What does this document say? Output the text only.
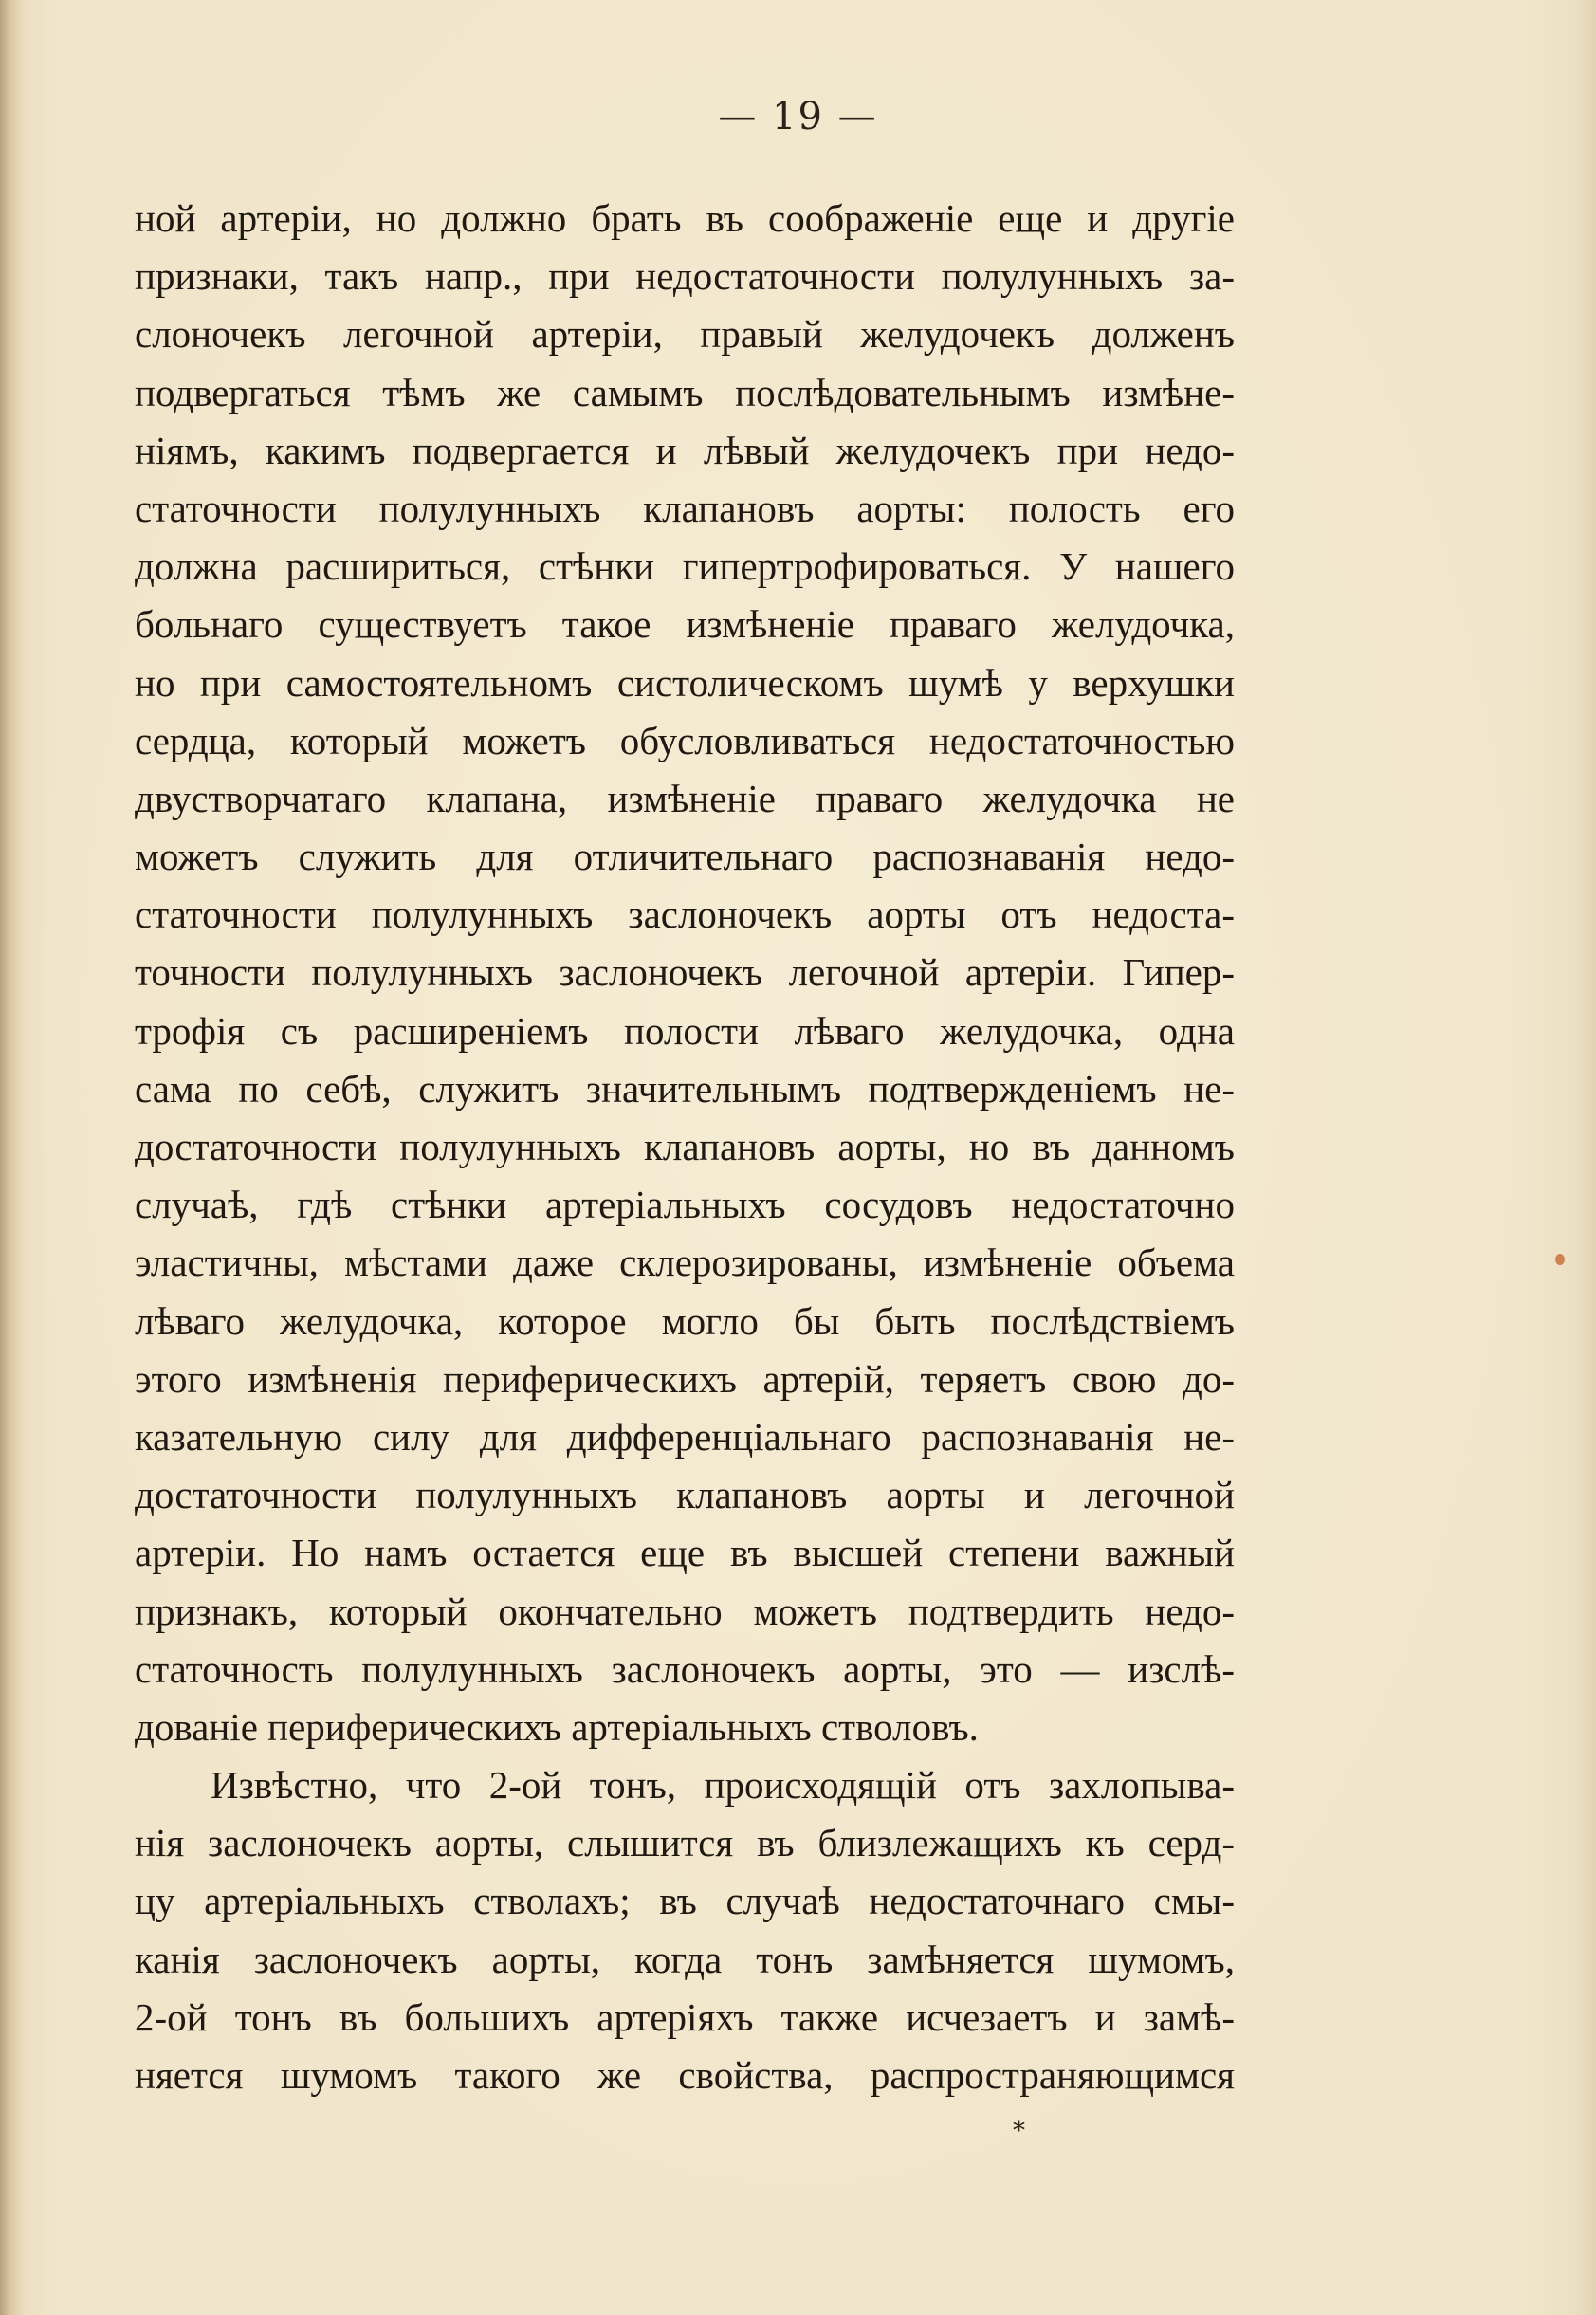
— 19 —
ной артеріи, но должно брать въ соображеніе еще и другіе
признаки, такъ напр., при недостаточности полулунныхъ за-
слоночекъ легочной артеріи, правый желудочекъ долженъ
подвергаться тѣмъ же самымъ послѣдовательнымъ измѣне-
ніямъ, какимъ подвергается и лѣвый желудочекъ при недо-
статочности полулунныхъ клапановъ аорты: полость его
должна расшириться, стѣнки гипертрофироваться. У нашего
больнаго существуетъ такое измѣненіе праваго желудочка,
но при самостоятельномъ систолическомъ шумѣ у верхушки
сердца, который можетъ обусловливаться недостаточностью
двустворчатаго клапана, измѣненіе праваго желудочка не
можетъ служить для отличительнаго распознаванія недо-
статочности полулунныхъ заслоночекъ аорты отъ недоста-
точности полулунныхъ заслоночекъ легочной артеріи. Гипер-
трофія съ расширеніемъ полости лѣваго желудочка, одна
сама по себѣ, служитъ значительнымъ подтвержденіемъ не-
достаточности полулунныхъ клапановъ аорты, но въ данномъ
случаѣ, гдѣ стѣнки артеріальныхъ сосудовъ недостаточно
эластичны, мѣстами даже склерозированы, измѣненіе объема
лѣваго желудочка, которое могло бы быть послѣдствіемъ
этого измѣненія периферическихъ артерій, теряетъ свою до-
казательную силу для дифференціальнаго распознаванія не-
достаточности полулунныхъ клапановъ аорты и легочной
артеріи. Но намъ остается еще въ высшей степени важный
признакъ, который окончательно можетъ подтвердить недо-
статочность полулунныхъ заслоночекъ аорты, это — изслѣ-
дованіе периферическихъ артеріальныхъ стволовъ.
Извѣстно, что 2-ой тонъ, происходящій отъ захлопыва-
нія заслоночекъ аорты, слышится въ близлежащихъ къ серд-
цу артеріальныхъ стволахъ; въ случаѣ недостаточнаго смы-
канія заслоночекъ аорты, когда тонъ замѣняется шумомъ,
2-ой тонъ въ большихъ артеріяхъ также исчезаетъ и замѣ-
няется шумомъ такого же свойства, распространяющимся
*
